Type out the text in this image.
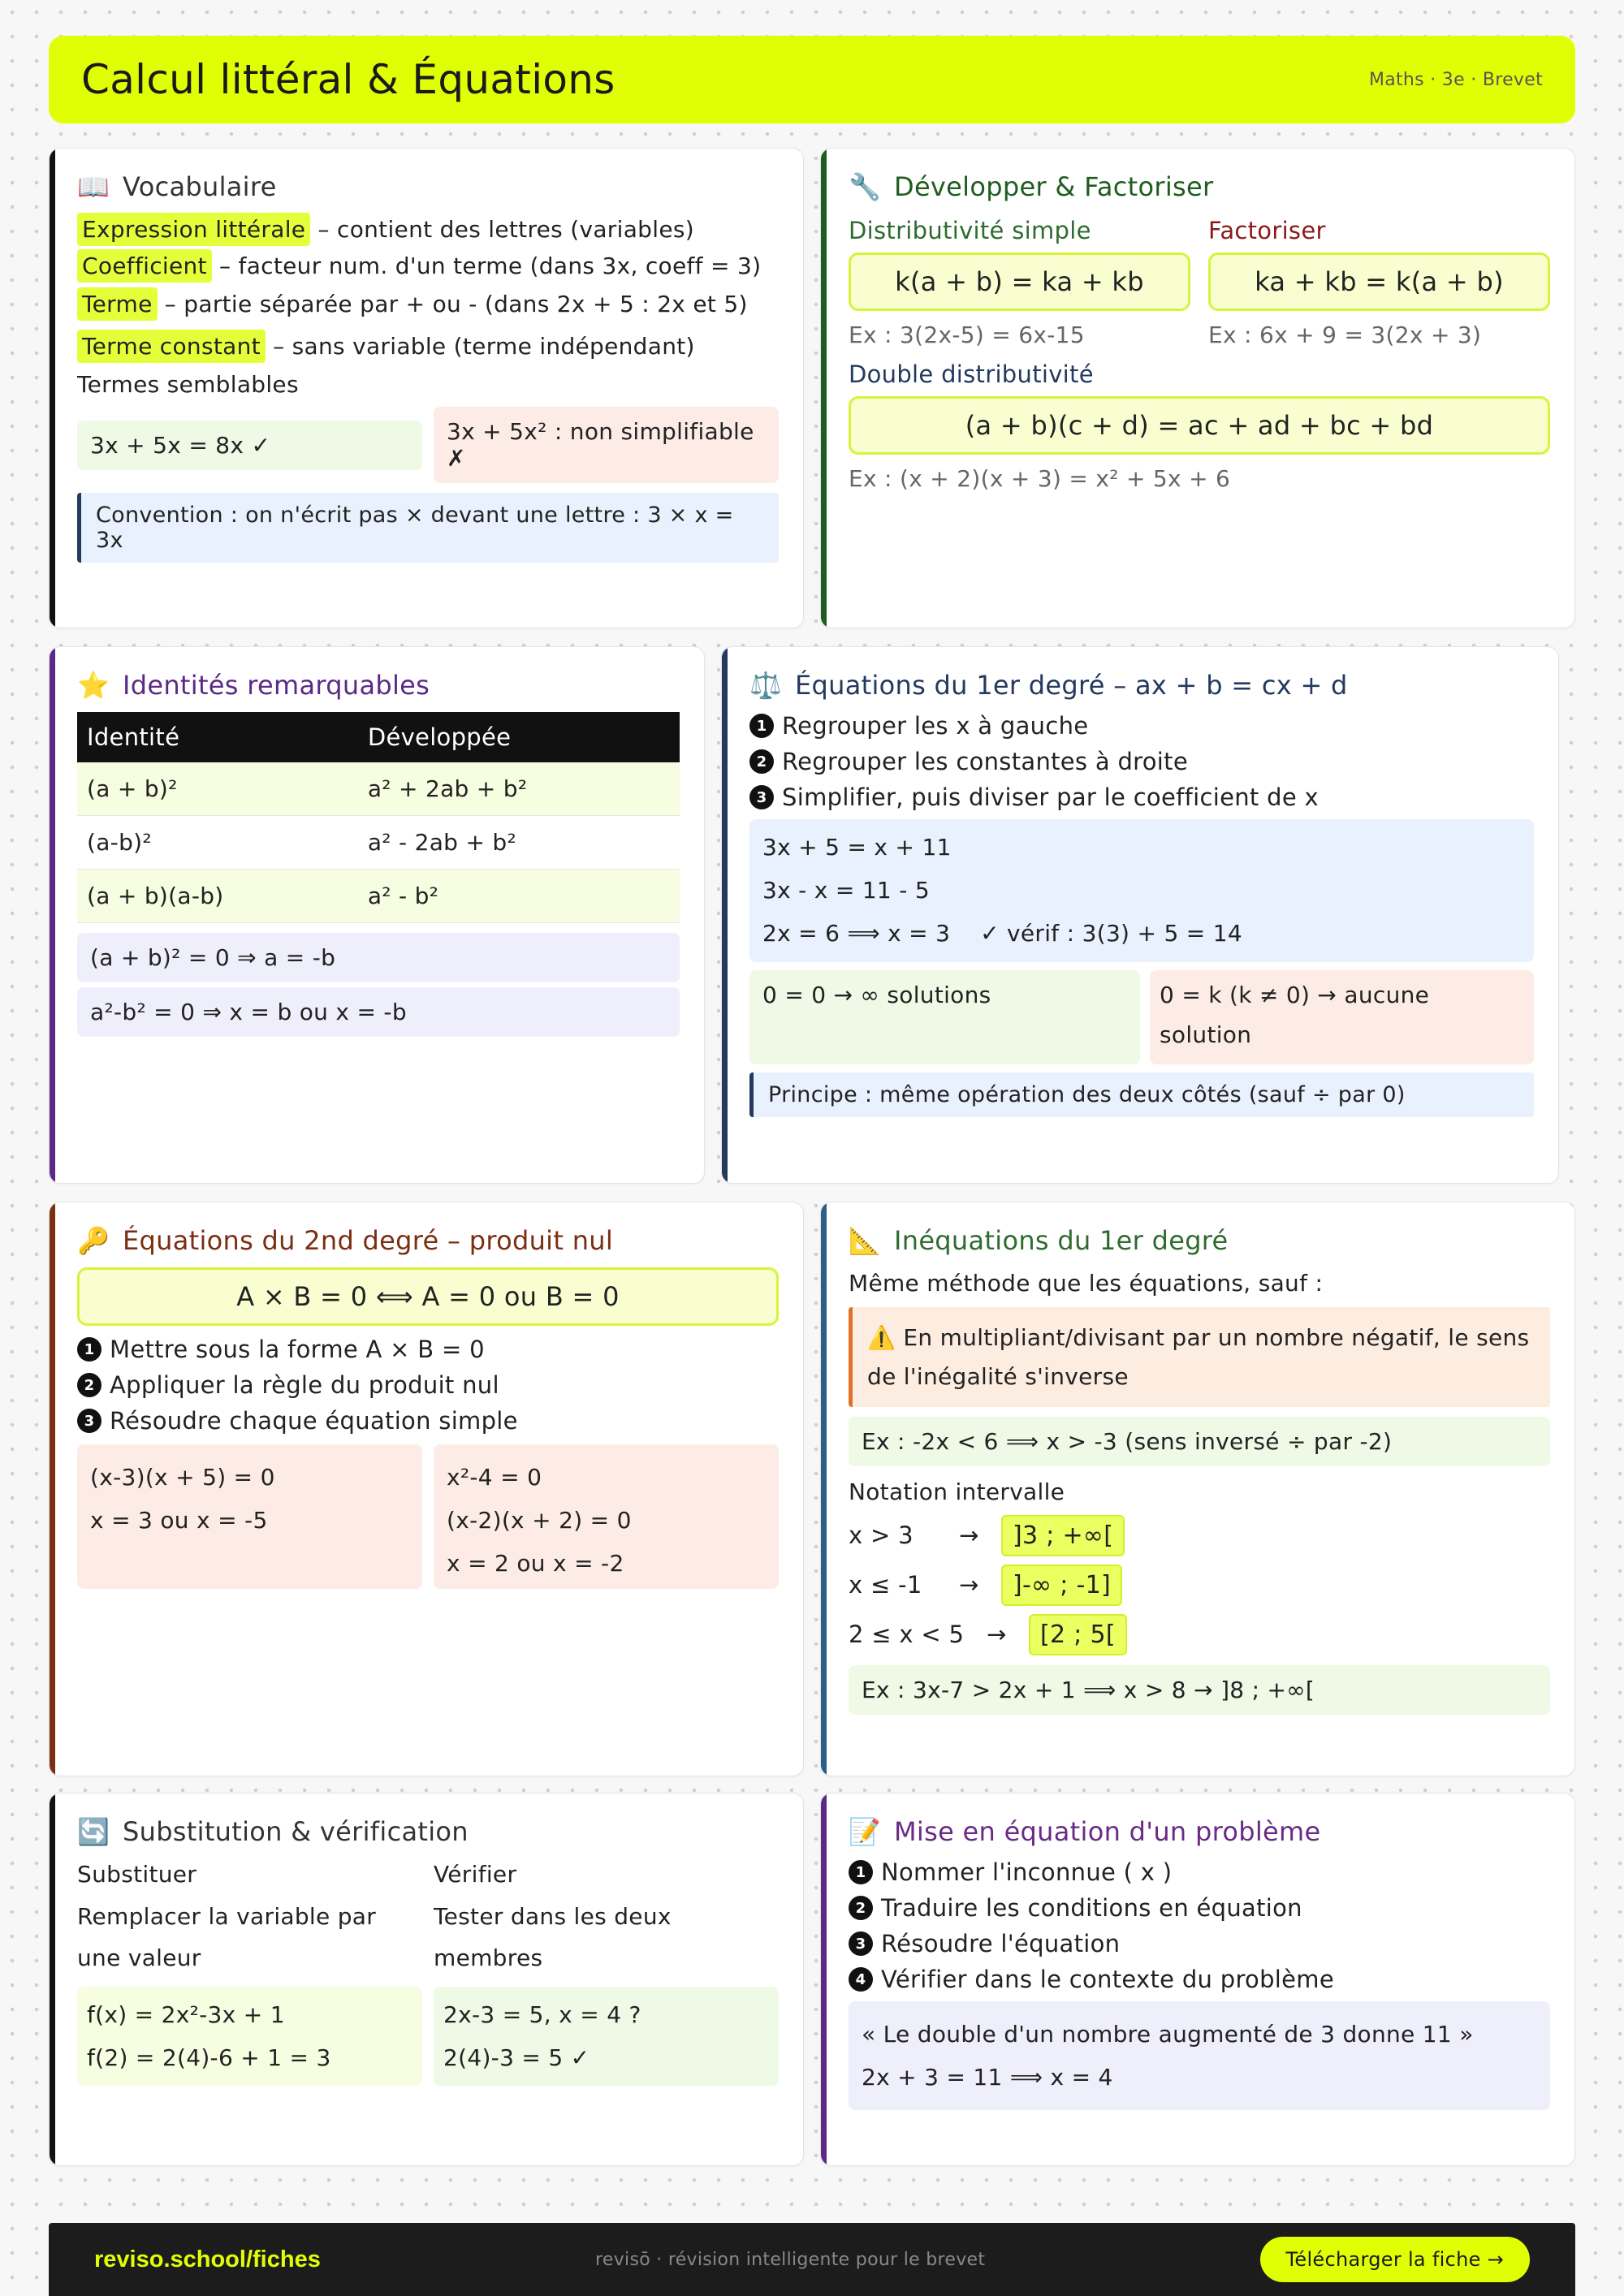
Calcul littéral & Équations	Maths · 3e · Brevet
📖 Vocabulaire
Expression littérale – contient des lettres (variables)
Coefficient – facteur num. d'un terme (dans 3x, coeff = 3)
Terme – partie séparée par + ou - (dans 2x + 5 : 2x et 5)
Terme constant – sans variable (terme indépendant)
Termes semblables
3x + 5x = 8x ✓	3x + 5x² : non simplifiable ✗
Convention : on n'écrit pas × devant une lettre : 3 × x = 3x
🔧 Développer & Factoriser
Distributivité simple
k(a + b) = ka + kb
Ex : 3(2x-5) = 6x-15
Factoriser
ka + kb = k(a + b)
Ex : 6x + 9 = 3(2x + 3)
Double distributivité
(a + b)(c + d) = ac + ad + bc + bd
Ex : (x + 2)(x + 3) = x² + 5x + 6
⭐ Identités remarquables
Identité	Développée
(a + b)²	a² + 2ab + b²
(a-b)²	a² - 2ab + b²
(a + b)(a-b)	a² - b²
(a + b)² = 0 ⇒ a = -b
a²-b² = 0 ⇒ x = b ou x = -b
⚖️ Équations du 1er degré – ax + b = cx + d
1 Regrouper les x à gauche
2 Regrouper les constantes à droite
3 Simplifier, puis diviser par le coefficient de x
3x + 5 = x + 11
3x - x = 11 - 5
2x = 6 ⟹ x = 3 ✓ vérif : 3(3) + 5 = 14
0 = 0 → ∞ solutions	0 = k (k ≠ 0) → aucune solution
Principe : même opération des deux côtés (sauf ÷ par 0)
🔑 Équations du 2nd degré – produit nul
A × B = 0 ⟺ A = 0 ou B = 0
1 Mettre sous la forme A × B = 0
2 Appliquer la règle du produit nul
3 Résoudre chaque équation simple
(x-3)(x + 5) = 0
x = 3 ou x = -5
x²-4 = 0
(x-2)(x + 2) = 0
x = 2 ou x = -2
📐 Inéquations du 1er degré
Même méthode que les équations, sauf :
⚠️ En multipliant/divisant par un nombre négatif, le sens de l'inégalité s'inverse
Ex : -2x < 6 ⟹ x > -3 (sens inversé ÷ par -2)
Notation intervalle
x > 3	→	]3 ; +∞[
x ≤ -1	→	]-∞ ; -1]
2 ≤ x < 5 →	[2 ; 5[
Ex : 3x-7 > 2x + 1 ⟹ x > 8 → ]8 ; +∞[
🔄 Substitution & vérification
Substituer
Remplacer la variable par une valeur
f(x) = 2x²-3x + 1
f(2) = 2(4)-6 + 1 = 3
Vérifier
Tester dans les deux membres
2x-3 = 5, x = 4 ?
2(4)-3 = 5 ✓
📝 Mise en équation d'un problème
1 Nommer l'inconnue ( x )
2 Traduire les conditions en équation
3 Résoudre l'équation
4 Vérifier dans le contexte du problème
« Le double d'un nombre augmenté de 3 donne 11 »
2x + 3 = 11 ⟹ x = 4
reviso.school/fiches	revisō · révision intelligente pour le brevet	Télécharger la fiche →
